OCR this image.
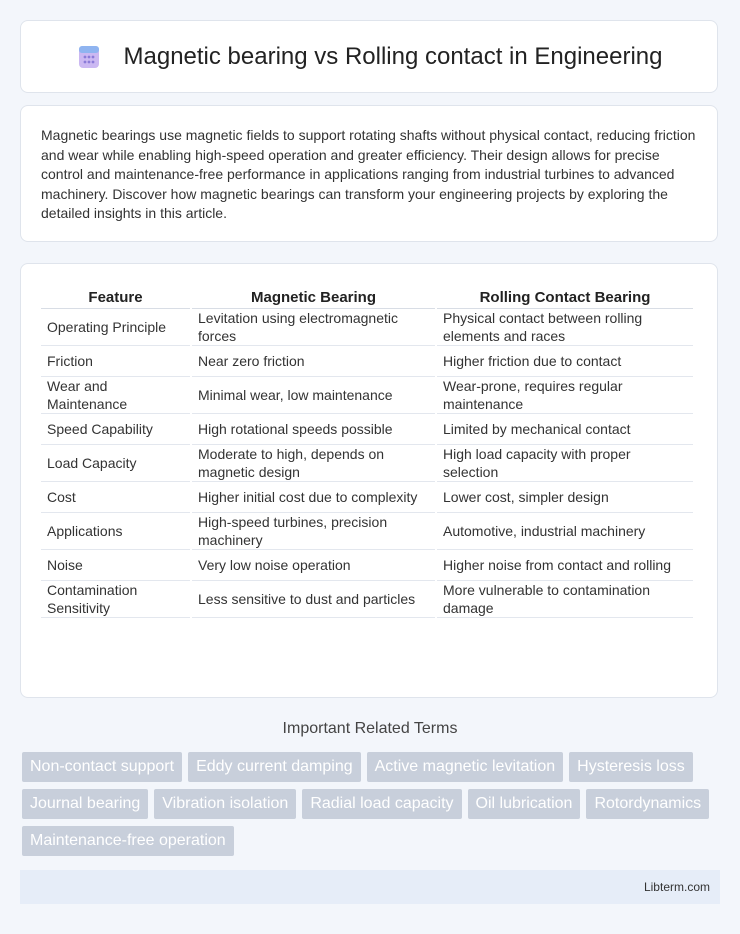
Magnetic bearing vs Rolling contact in Engineering

Magnetic bearings use magnetic fields to support rotating shafts without physical contact, reducing friction and wear while enabling high-speed operation and greater efficiency. Their design allows for precise control and maintenance-free performance in applications ranging from industrial turbines to advanced machinery. Discover how magnetic bearings can transform your engineering projects by exploring the detailed insights in this article.

Feature	Magnetic Bearing	Rolling Contact Bearing
Operating Principle	Levitation using electromagnetic forces	Physical contact between rolling elements and races
Friction	Near zero friction	Higher friction due to contact
Wear and Maintenance	Minimal wear, low maintenance	Wear-prone, requires regular maintenance
Speed Capability	High rotational speeds possible	Limited by mechanical contact
Load Capacity	Moderate to high, depends on magnetic design	High load capacity with proper selection
Cost	Higher initial cost due to complexity	Lower cost, simpler design
Applications	High-speed turbines, precision machinery	Automotive, industrial machinery
Noise	Very low noise operation	Higher noise from contact and rolling
Contamination Sensitivity	Less sensitive to dust and particles	More vulnerable to contamination damage
Important Related Terms
Non-contact support	Eddy current damping	Active magnetic levitation	Hysteresis loss
Journal bearing	Vibration isolation	Radial load capacity	Oil lubrication	Rotordynamics
Maintenance-free operation
Libterm.com
